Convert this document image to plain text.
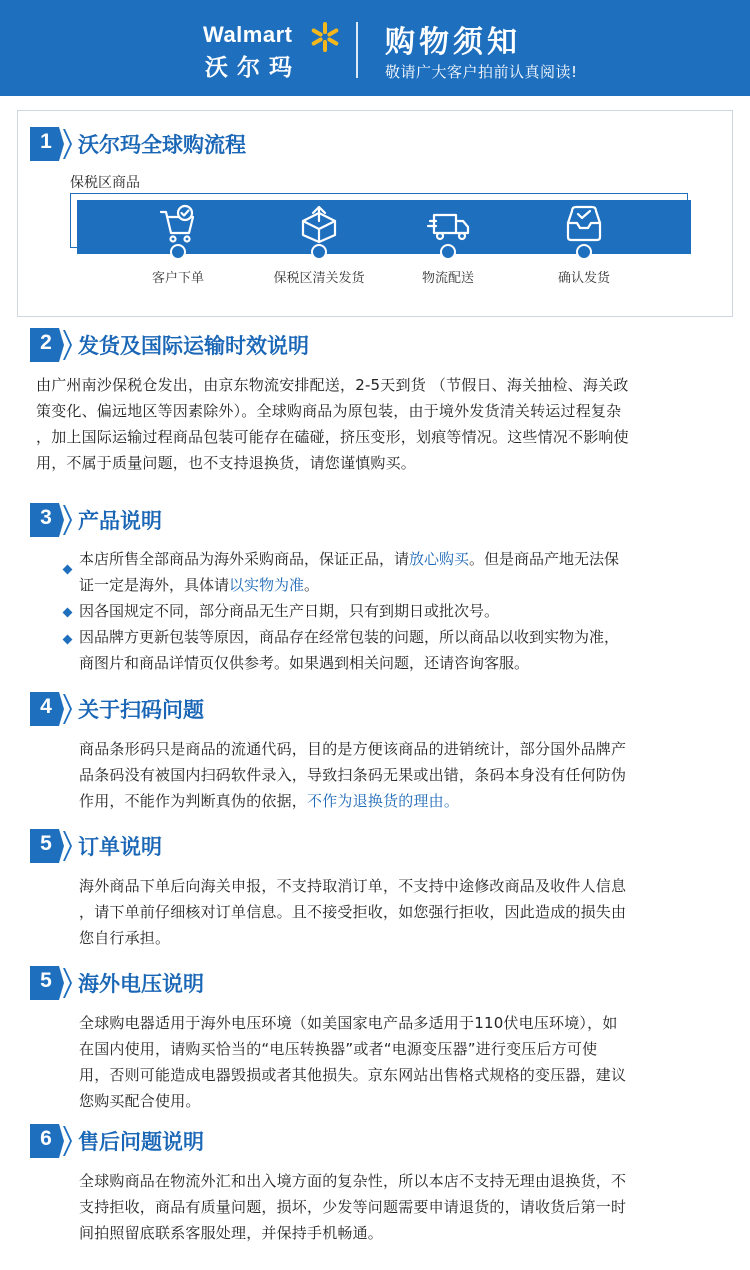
Walmart
沃尔玛
购物须知
敬请广大客户拍前认真阅读!
1	沃尔玛全球购流程
保税区商品
客户下单	保税区清关发货	物流配送	确认发货
2	发货及国际运输时效说明
由广州南沙保税仓发出，由京东物流安排配送，2-5天到货 （节假日、海关抽检、海关政
策变化、偏远地区等因素除外）。全球购商品为原包装，由于境外发货清关转运过程复杂
，加上国际运输过程商品包装可能存在磕碰，挤压变形，划痕等情况。这些情况不影响使
用，不属于质量问题，也不支持退换货，请您谨慎购买。
3	产品说明
本店所售全部商品为海外采购商品，保证正品，请放心购买。但是商品产地无法保
证一定是海外，具体请以实物为准。
因各国规定不同，部分商品无生产日期，只有到期日或批次号。
因品牌方更新包装等原因，商品存在经常包装的问题，所以商品以收到实物为准，
商图片和商品详情页仅供参考。如果遇到相关问题，还请咨询客服。
4	关于扫码问题
商品条形码只是商品的流通代码，目的是方便该商品的进销统计，部分国外品牌产
品条码没有被国内扫码软件录入，导致扫条码无果或出错，条码本身没有任何防伪
作用，不能作为判断真伪的依据，不作为退换货的理由。
5	订单说明
海外商品下单后向海关申报，不支持取消订单，不支持中途修改商品及收件人信息
，请下单前仔细核对订单信息。且不接受拒收，如您强行拒收，因此造成的损失由
您自行承担。
5	海外电压说明
全球购电器适用于海外电压环境（如美国家电产品多适用于110伏电压环境），如
在国内使用，请购买恰当的“电压转换器”或者“电源变压器”进行变压后方可使
用，否则可能造成电器毁损或者其他损失。京东网站出售格式规格的变压器，建议
您购买配合使用。
6	售后问题说明
全球购商品在物流外汇和出入境方面的复杂性，所以本店不支持无理由退换货，不
支持拒收，商品有质量问题，损坏，少发等问题需要申请退货的，请收货后第一时
间拍照留底联系客服处理，并保持手机畅通。
